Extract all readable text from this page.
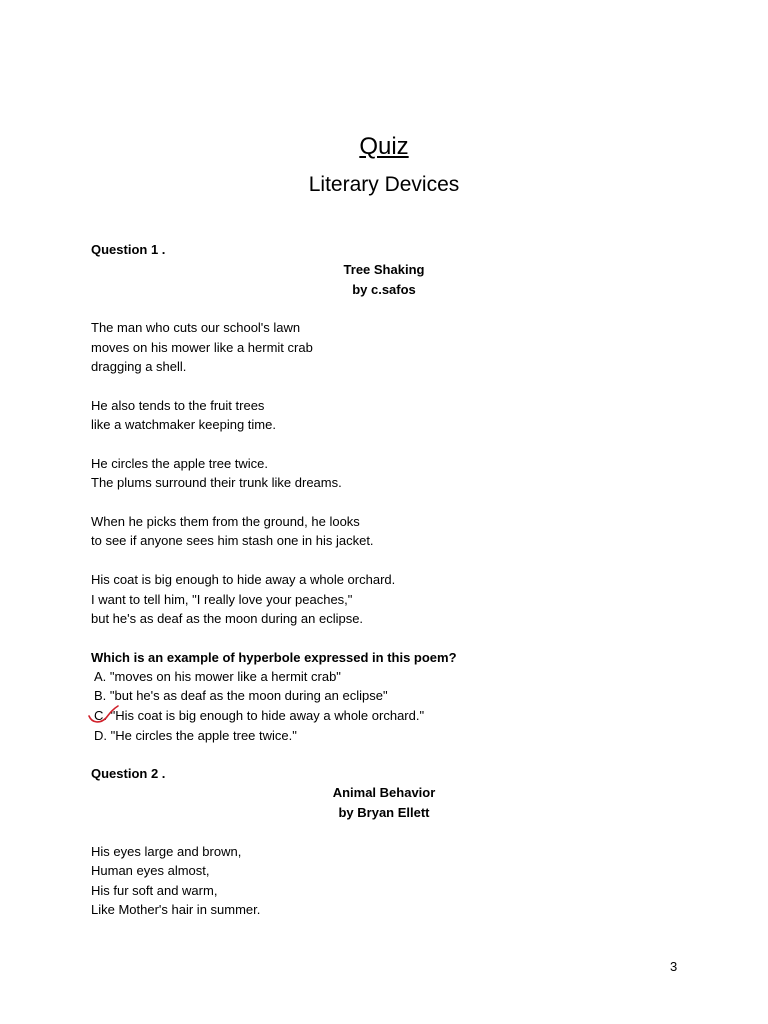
Quiz
Literary Devices
Question 1 .
Tree Shaking
by c.safos
The man who cuts our school's lawn
moves on his mower like a hermit crab
dragging a shell.
He also tends to the fruit trees
like a watchmaker keeping time.
He circles the apple tree twice.
The plums surround their trunk like dreams.
When he picks them from the ground, he looks
to see if anyone sees him stash one in his jacket.
His coat is big enough to hide away a whole orchard.
I want to tell him, "I really love your peaches,"
but he's as deaf as the moon during an eclipse.
Which is an example of hyperbole expressed in this poem?
A. "moves on his mower like a hermit crab"
B. "but he's as deaf as the moon during an eclipse"
C. "His coat is big enough to hide away a whole orchard."
D. "He circles the apple tree twice."
Question 2 .
Animal Behavior
by Bryan Ellett
His eyes large and brown,
Human eyes almost,
His fur soft and warm,
Like Mother's hair in summer.
3
